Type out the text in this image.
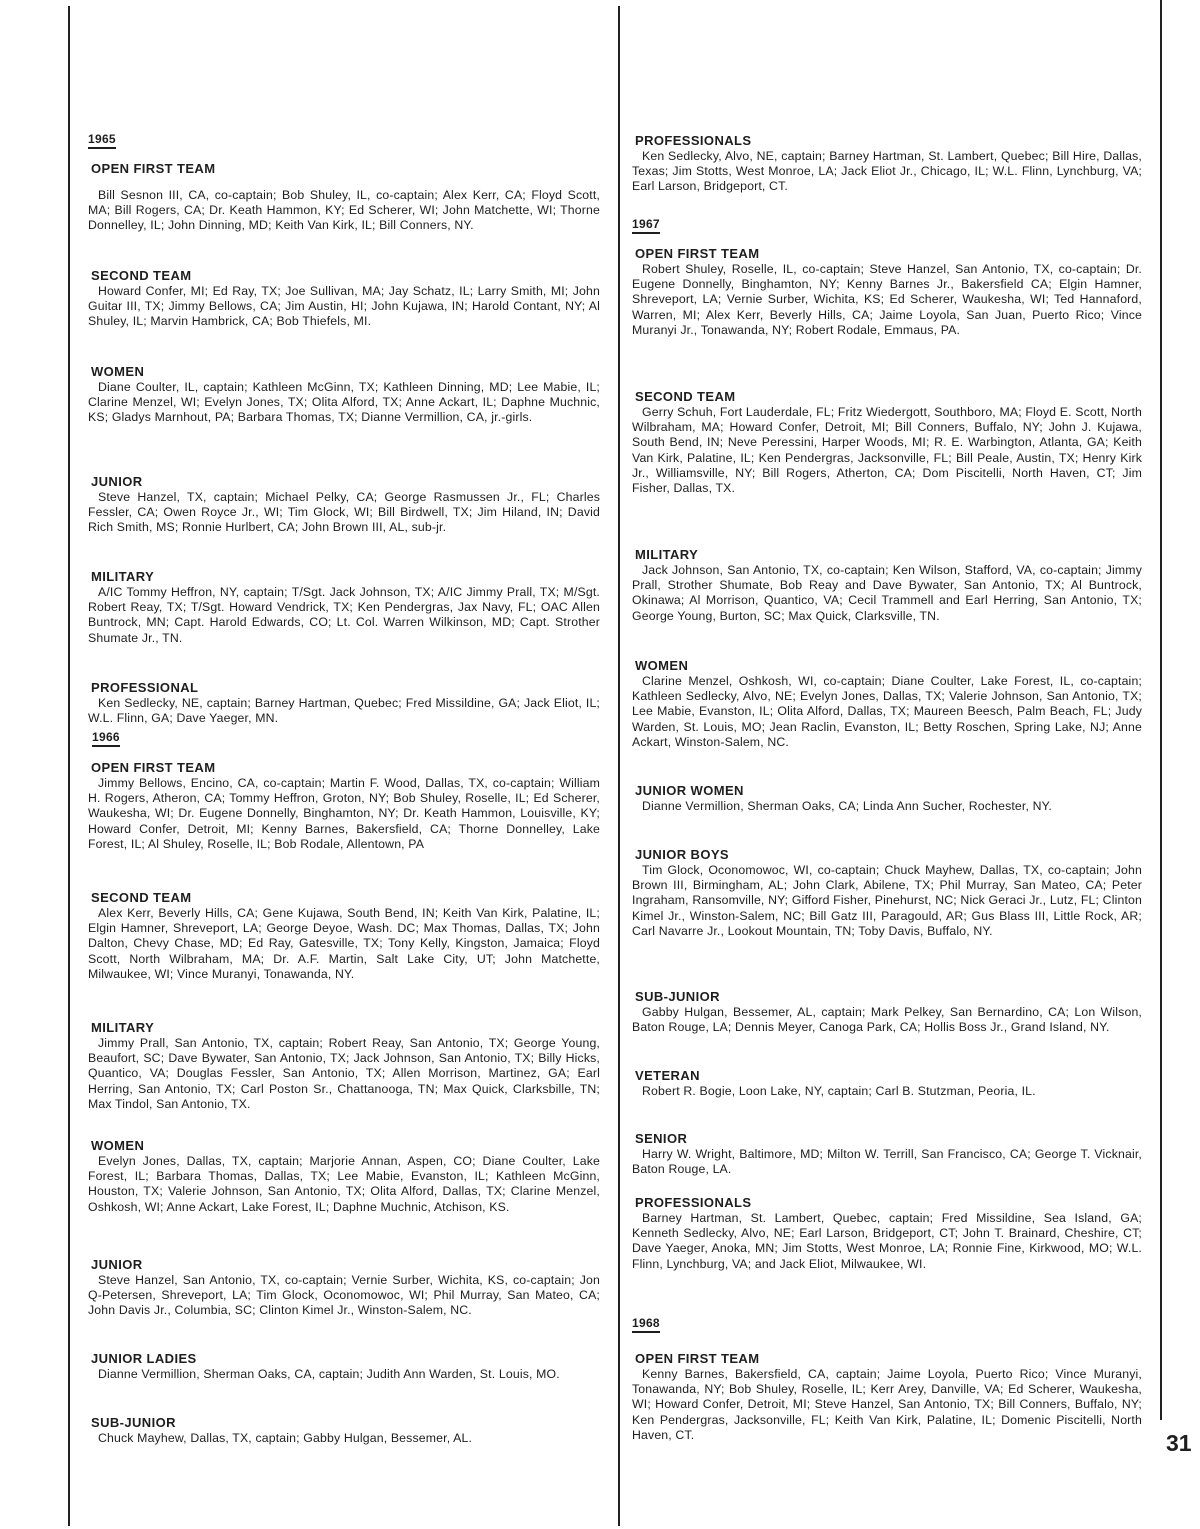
1965
OPEN FIRST TEAM

Bill Sesnon III, CA, co-captain; Bob Shuley, IL, co-captain; Alex Kerr, CA; Floyd Scott, MA; Bill Rogers, CA; Dr. Keath Hammon, KY; Ed Scherer, WI; John Matchette, WI; Thorne Donnelley, IL; John Dinning, MD; Keith Van Kirk, IL; Bill Conners, NY.

SECOND TEAM

Howard Confer, MI; Ed Ray, TX; Joe Sullivan, MA; Jay Schatz, IL; Larry Smith, MI; John Guitar III, TX; Jimmy Bellows, CA; Jim Austin, HI; John Kujawa, IN; Harold Contant, NY; Al Shuley, IL; Marvin Hambrick, CA; Bob Thiefels, MI.

WOMEN

Diane Coulter, IL, captain; Kathleen McGinn, TX; Kathleen Dinning, MD; Lee Mabie, IL; Clarine Menzel, WI; Evelyn Jones, TX; Olita Alford, TX; Anne Ackart, IL; Daphne Muchnic, KS; Gladys Marnhout, PA; Barbara Thomas, TX; Dianne Vermillion, CA, jr.-girls.

JUNIOR

Steve Hanzel, TX, captain; Michael Pelky, CA; George Rasmussen Jr., FL; Charles Fessler, CA; Owen Royce Jr., WI; Tim Glock, WI; Bill Birdwell, TX; Jim Hiland, IN; David Rich Smith, MS; Ronnie Hurlbert, CA; John Brown III, AL, sub-jr.

MILITARY

A/IC Tommy Heffron, NY, captain; T/Sgt. Jack Johnson, TX; A/IC Jimmy Prall, TX; M/Sgt. Robert Reay, TX; T/Sgt. Howard Vendrick, TX; Ken Pendergras, Jax Navy, FL; OAC Allen Buntrock, MN; Capt. Harold Edwards, CO; Lt. Col. Warren Wilkinson, MD; Capt. Strother Shumate Jr., TN.

PROFESSIONAL

Ken Sedlecky, NE, captain; Barney Hartman, Quebec; Fred Missildine, GA; Jack Eliot, IL; W.L. Flinn, GA; Dave Yaeger, MN.

1966
OPEN FIRST TEAM

Jimmy Bellows, Encino, CA, co-captain; Martin F. Wood, Dallas, TX, co-captain; William H. Rogers, Atheron, CA; Tommy Heffron, Groton, NY; Bob Shuley, Roselle, IL; Ed Scherer, Waukesha, WI; Dr. Eugene Donnelly, Binghamton, NY; Dr. Keath Hammon, Louisville, KY; Howard Confer, Detroit, MI; Kenny Barnes, Bakersfield, CA; Thorne Donnelley, Lake Forest, IL; Al Shuley, Roselle, IL; Bob Rodale, Allentown, PA

SECOND TEAM

Alex Kerr, Beverly Hills, CA; Gene Kujawa, South Bend, IN; Keith Van Kirk, Palatine, IL; Elgin Hamner, Shreveport, LA; George Deyoe, Wash. DC; Max Thomas, Dallas, TX; John Dalton, Chevy Chase, MD; Ed Ray, Gatesville, TX; Tony Kelly, Kingston, Jamaica; Floyd Scott, North Wilbraham, MA; Dr. A.F. Martin, Salt Lake City, UT; John Matchette, Milwaukee, WI; Vince Muranyi, Tonawanda, NY.

MILITARY

Jimmy Prall, San Antonio, TX, captain; Robert Reay, San Antonio, TX; George Young, Beaufort, SC; Dave Bywater, San Antonio, TX; Jack Johnson, San Antonio, TX; Billy Hicks, Quantico, VA; Douglas Fessler, San Antonio, TX; Allen Morrison, Martinez, GA; Earl Herring, San Antonio, TX; Carl Poston Sr., Chattanooga, TN; Max Quick, Clarksbille, TN; Max Tindol, San Antonio, TX.

WOMEN

Evelyn Jones, Dallas, TX, captain; Marjorie Annan, Aspen, CO; Diane Coulter, Lake Forest, IL; Barbara Thomas, Dallas, TX; Lee Mabie, Evanston, IL; Kathleen McGinn, Houston, TX; Valerie Johnson, San Antonio, TX; Olita Alford, Dallas, TX; Clarine Menzel, Oshkosh, WI; Anne Ackart, Lake Forest, IL; Daphne Muchnic, Atchison, KS.

JUNIOR

Steve Hanzel, San Antonio, TX, co-captain; Vernie Surber, Wichita, KS, co-captain; Jon Q-Petersen, Shreveport, LA; Tim Glock, Oconomowoc, WI; Phil Murray, San Mateo, CA; John Davis Jr., Columbia, SC; Clinton Kimel Jr., Winston-Salem, NC.

JUNIOR LADIES

Dianne Vermillion, Sherman Oaks, CA, captain; Judith Ann Warden, St. Louis, MO.

SUB-JUNIOR

Chuck Mayhew, Dallas, TX, captain; Gabby Hulgan, Bessemer, AL.

PROFESSIONALS

Ken Sedlecky, Alvo, NE, captain; Barney Hartman, St. Lambert, Quebec; Bill Hire, Dallas, Texas; Jim Stotts, West Monroe, LA; Jack Eliot Jr., Chicago, IL; W.L. Flinn, Lynchburg, VA; Earl Larson, Bridgeport, CT.

1967
OPEN FIRST TEAM

Robert Shuley, Roselle, IL, co-captain; Steve Hanzel, San Antonio, TX, co-captain; Dr. Eugene Donnelly, Binghamton, NY; Kenny Barnes Jr., Bakersfield CA; Elgin Hamner, Shreveport, LA; Vernie Surber, Wichita, KS; Ed Scherer, Waukesha, WI; Ted Hannaford, Warren, MI; Alex Kerr, Beverly Hills, CA; Jaime Loyola, San Juan, Puerto Rico; Vince Muranyi Jr., Tonawanda, NY; Robert Rodale, Emmaus, PA.

SECOND TEAM

Gerry Schuh, Fort Lauderdale, FL; Fritz Wiedergott, Southboro, MA; Floyd E. Scott, North Wilbraham, MA; Howard Confer, Detroit, MI; Bill Conners, Buffalo, NY; John J. Kujawa, South Bend, IN; Neve Peressini, Harper Woods, MI; R. E. Warbington, Atlanta, GA; Keith Van Kirk, Palatine, IL; Ken Pendergras, Jacksonville, FL; Bill Peale, Austin, TX; Henry Kirk Jr., Williamsville, NY; Bill Rogers, Atherton, CA; Dom Piscitelli, North Haven, CT; Jim Fisher, Dallas, TX.

MILITARY

Jack Johnson, San Antonio, TX, co-captain; Ken Wilson, Stafford, VA, co-captain; Jimmy Prall, Strother Shumate, Bob Reay and Dave Bywater, San Antonio, TX; Al Buntrock, Okinawa; Al Morrison, Quantico, VA; Cecil Trammell and Earl Herring, San Antonio, TX; George Young, Burton, SC; Max Quick, Clarksville, TN.

WOMEN

Clarine Menzel, Oshkosh, WI, co-captain; Diane Coulter, Lake Forest, IL, co-captain; Kathleen Sedlecky, Alvo, NE; Evelyn Jones, Dallas, TX; Valerie Johnson, San Antonio, TX; Lee Mabie, Evanston, IL; Olita Alford, Dallas, TX; Maureen Beesch, Palm Beach, FL; Judy Warden, St. Louis, MO; Jean Raclin, Evanston, IL; Betty Roschen, Spring Lake, NJ; Anne Ackart, Winston-Salem, NC.

JUNIOR WOMEN

Dianne Vermillion, Sherman Oaks, CA; Linda Ann Sucher, Rochester, NY.

JUNIOR BOYS

Tim Glock, Oconomowoc, WI, co-captain; Chuck Mayhew, Dallas, TX, co-captain; John Brown III, Birmingham, AL; John Clark, Abilene, TX; Phil Murray, San Mateo, CA; Peter Ingraham, Ransomville, NY; Gifford Fisher, Pinehurst, NC; Nick Geraci Jr., Lutz, FL; Clinton Kimel Jr., Winston-Salem, NC; Bill Gatz III, Paragould, AR; Gus Blass III, Little Rock, AR; Carl Navarre Jr., Lookout Mountain, TN; Toby Davis, Buffalo, NY.

SUB-JUNIOR

Gabby Hulgan, Bessemer, AL, captain; Mark Pelkey, San Bernardino, CA; Lon Wilson, Baton Rouge, LA; Dennis Meyer, Canoga Park, CA; Hollis Boss Jr., Grand Island, NY.

VETERAN

Robert R. Bogie, Loon Lake, NY, captain; Carl B. Stutzman, Peoria, IL.

SENIOR

Harry W. Wright, Baltimore, MD; Milton W. Terrill, San Francisco, CA; George T. Vicknair, Baton Rouge, LA.

PROFESSIONALS

Barney Hartman, St. Lambert, Quebec, captain; Fred Missildine, Sea Island, GA; Kenneth Sedlecky, Alvo, NE; Earl Larson, Bridgeport, CT; John T. Brainard, Cheshire, CT; Dave Yaeger, Anoka, MN; Jim Stotts, West Monroe, LA; Ronnie Fine, Kirkwood, MO; W.L. Flinn, Lynchburg, VA; and Jack Eliot, Milwaukee, WI.

1968
OPEN FIRST TEAM

Kenny Barnes, Bakersfield, CA, captain; Jaime Loyola, Puerto Rico; Vince Muranyi, Tonawanda, NY; Bob Shuley, Roselle, IL; Kerr Arey, Danville, VA; Ed Scherer, Waukesha, WI; Howard Confer, Detroit, MI; Steve Hanzel, San Antonio, TX; Bill Conners, Buffalo, NY; Ken Pendergras, Jacksonville, FL; Keith Van Kirk, Palatine, IL; Domenic Piscitelli, North Haven, CT.	31
